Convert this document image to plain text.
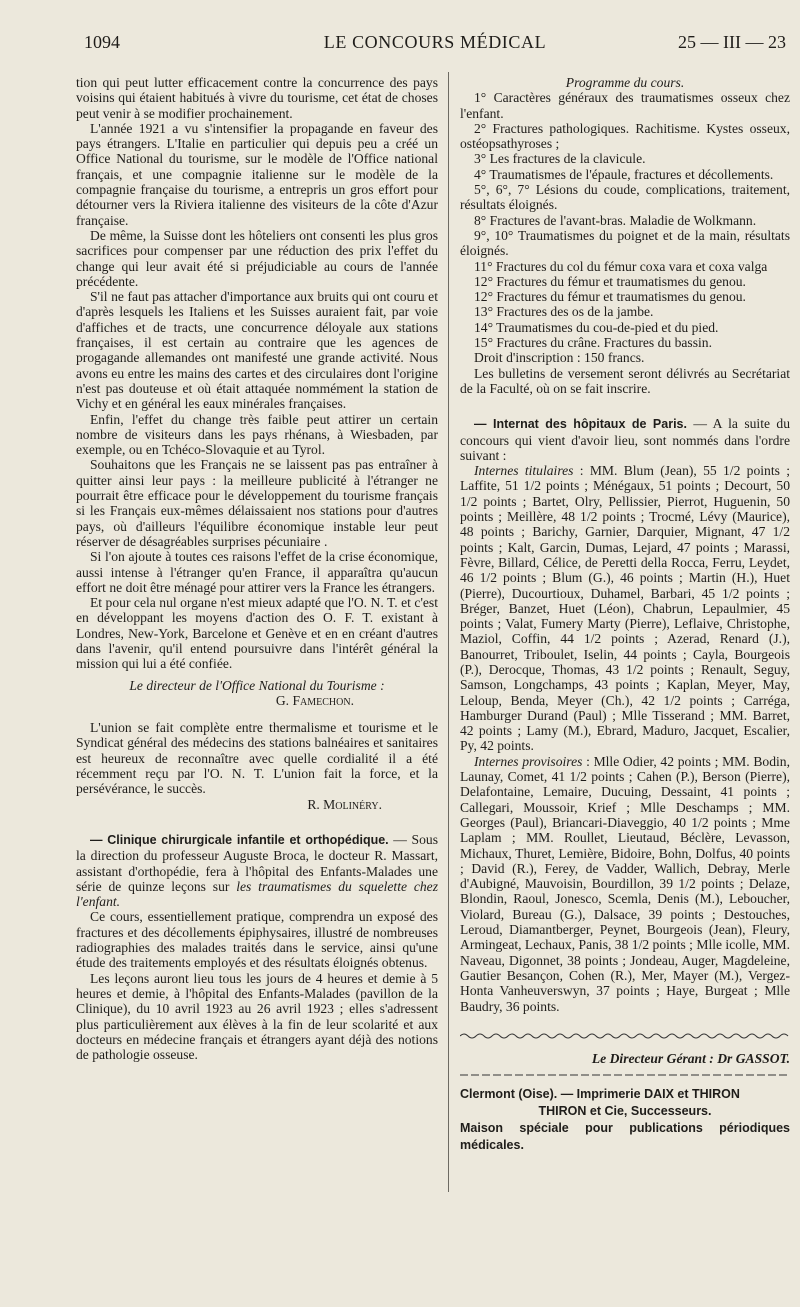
1094	LE CONCOURS MÉDICAL	25 — III — 23

tion qui peut lutter efficacement contre la concurrence des pays voisins qui étaient habitués à vivre du tourisme, cet état de choses peut venir à se modifier prochainement.

L'année 1921 a vu s'intensifier la propagande en faveur des pays étrangers. L'Italie en particulier qui depuis peu a créé un Office National du tourisme, sur le modèle de l'Office national français, et une compagnie italienne sur le modèle de la compagnie française du tourisme, a entrepris un gros effort pour détourner vers la Riviera italienne des visiteurs de la côte d'Azur française.

De même, la Suisse dont les hôteliers ont consenti les plus gros sacrifices pour compenser par une réduction des prix l'effet du change qui leur avait été si préjudiciable au cours de l'année précédente.

S'il ne faut pas attacher d'importance aux bruits qui ont couru et d'après lesquels les Italiens et les Suisses auraient fait, par voie d'affiches et de tracts, une concurrence déloyale aux stations françaises, il est certain au contraire que les agences de progagande allemandes ont manifesté une grande activité. Nous avons eu entre les mains des cartes et des circulaires dont l'origine n'est pas douteuse et où était attaquée nommément la station de Vichy et en général les eaux minérales françaises.

Enfin, l'effet du change très faible peut attirer un certain nombre de visiteurs dans les pays rhénans, à Wiesbaden, par exemple, ou en Tchéco-Slovaquie et au Tyrol.

Souhaitons que les Français ne se laissent pas pas entraîner à quitter ainsi leur pays : la meilleure publicité à l'étranger ne pourrait être efficace pour le développement du tourisme français si les Français eux-mêmes délaissaient nos stations pour d'autres pays, où d'ailleurs l'équilibre économique instable leur peut réserver de désagréables surprises pécuniaire .

Si l'on ajoute à toutes ces raisons l'effet de la crise économique, aussi intense à l'étranger qu'en France, il apparaîtra qu'aucun effort ne doit être ménagé pour attirer vers la France les étrangers.

Et pour cela nul organe n'est mieux adapté que l'O. N. T. et c'est en développant les moyens d'action des O. F. T. existant à Londres, New-York, Barcelone et Genève et en en créant d'autres dans l'avenir, qu'il entend poursuivre dans l'intérêt général la mission qui lui a été confiée.

Le directeur de l'Office National du Tourisme :

G. Famechon.

L'union se fait complète entre thermalisme et tourisme et le Syndicat général des médecins des stations balnéaires et sanitaires est heureux de reconnaître avec quelle cordialité il a été récemment reçu par l'O. N. T. L'union fait la force, et la persévérance, le succès.

R. Molinéry.

— Clinique chirurgicale infantile et orthopédique. — Sous la direction du professeur Auguste Broca, le docteur R. Massart, assistant d'orthopédie, fera à l'hôpital des Enfants-Malades une série de quinze leçons sur les traumatismes du squelette chez l'enfant.

Ce cours, essentiellement pratique, comprendra un exposé des fractures et des décollements épiphysaires, illustré de nombreuses radiographies des malades traités dans le service, ainsi qu'une étude des traitements employés et des résultats éloignés obtenus.

Les leçons auront lieu tous les jours de 4 heures et demie à 5 heures et demie, à l'hôpital des Enfants-Malades (pavillon de la Clinique), du 10 avril 1923 au 26 avril 1923 ; elles s'adressent plus particulièrement aux élèves à la fin de leur scolarité et aux docteurs en médecine français et étrangers ayant déjà des notions de pathologie osseuse.

Programme du cours.

1° Caractères généraux des traumatismes osseux chez l'enfant.

2° Fractures pathologiques. Rachitisme. Kystes osseux, ostéopsathyroses ;

3° Les fractures de la clavicule.

4° Traumatismes de l'épaule, fractures et décollements.

5°, 6°, 7° Lésions du coude, complications, traitement, résultats éloignés.

8° Fractures de l'avant-bras. Maladie de Wolkmann.

9°, 10° Traumatismes du poignet et de la main, résultats éloignés.

11° Fractures du col du fémur coxa vara et coxa valga

12° Fractures du fémur et traumatismes du genou.

12° Fractures du fémur et traumatismes du genou.

13° Fractures des os de la jambe.

14° Traumatismes du cou-de-pied et du pied.

15° Fractures du crâne. Fractures du bassin.

Droit d'inscription : 150 francs.

Les bulletins de versement seront délivrés au Secrétariat de la Faculté, où on se fait inscrire.

— Internat des hôpitaux de Paris. — A la suite du concours qui vient d'avoir lieu, sont nommés dans l'ordre suivant :

Internes titulaires : MM. Blum (Jean), 55 1/2 points ; Laffite, 51 1/2 points ; Ménégaux, 51 points ; Decourt, 50 1/2 points ; Bartet, Olry, Pellissier, Pierrot, Huguenin, 50 points ; Meillère, 48 1/2 points ; Trocmé, Lévy (Maurice), 48 points ; Barichy, Garnier, Darquier, Mignant, 47 1/2 points ; Kalt, Garcin, Dumas, Lejard, 47 points ; Marassi, Fèvre, Billard, Célice, de Peretti della Rocca, Ferru, Leydet, 46 1/2 points ; Blum (G.), 46 points ; Martin (H.), Huet (Pierre), Ducourtioux, Duhamel, Barbari, 45 1/2 points ; Bréger, Banzet, Huet (Léon), Chabrun, Lepaulmier, 45 points ; Valat, Fumery Marty (Pierre), Leflaive, Christophe, Maziol, Coffin, 44 1/2 points ; Azerad, Renard (J.), Banourret, Triboulet, Iselin, 44 points ; Cayla, Bourgeois (P.), Derocque, Thomas, 43 1/2 points ; Renault, Seguy, Samson, Longchamps, 43 points ; Kaplan, Meyer, May, Leloup, Benda, Meyer (Ch.), 42 1/2 points ; Carréga, Hamburger Durand (Paul) ; Mlle Tisserand ; MM. Barret, 42 points ; Lamy (M.), Ebrard, Maduro, Jacquet, Escalier, Py, 42 points.

Internes provisoires : Mlle Odier, 42 points ; MM. Bodin, Launay, Comet, 41 1/2 points ; Cahen (P.), Berson (Pierre), Delafontaine, Lemaire, Ducuing, Dessaint, 41 points ; Callegari, Moussoir, Krief ; Mlle Deschamps ; MM. Georges (Paul), Briancari-Diaveggio, 40 1/2 points ; Mme Laplam ; MM. Roullet, Lieutaud, Béclère, Levasson, Michaux, Thuret, Lemière, Bidoire, Bohn, Dolfus, 40 points ; David (R.), Ferey, de Vadder, Wallich, Debray, Merle d'Aubigné, Mauvoisin, Bourdillon, 39 1/2 points ; Delaze, Blondin, Raoul, Jonesco, Scemla, Denis (M.), Leboucher, Violard, Bureau (G.), Dalsace, 39 points ; Destouches, Leroud, Diamantberger, Peynet, Bourgeois (Jean), Fleury, Armingeat, Lechaux, Panis, 38 1/2 points ; Mlle icolle, MM. Naveau, Digonnet, 38 points ; Jondeau, Auger, Magdeleine, Gautier Besançon, Cohen (R.), Mer, Mayer (M.), Vergez-Honta Vanheuverswyn, 37 points ; Haye, Burgeat ; Mlle Baudry, 36 points.

Le Directeur Gérant : Dr GASSOT.

Clermont (Oise). — Imprimerie DAIX et THIRON

THIRON et Cie, Successeurs.

Maison spéciale pour publications périodiques médicales.
